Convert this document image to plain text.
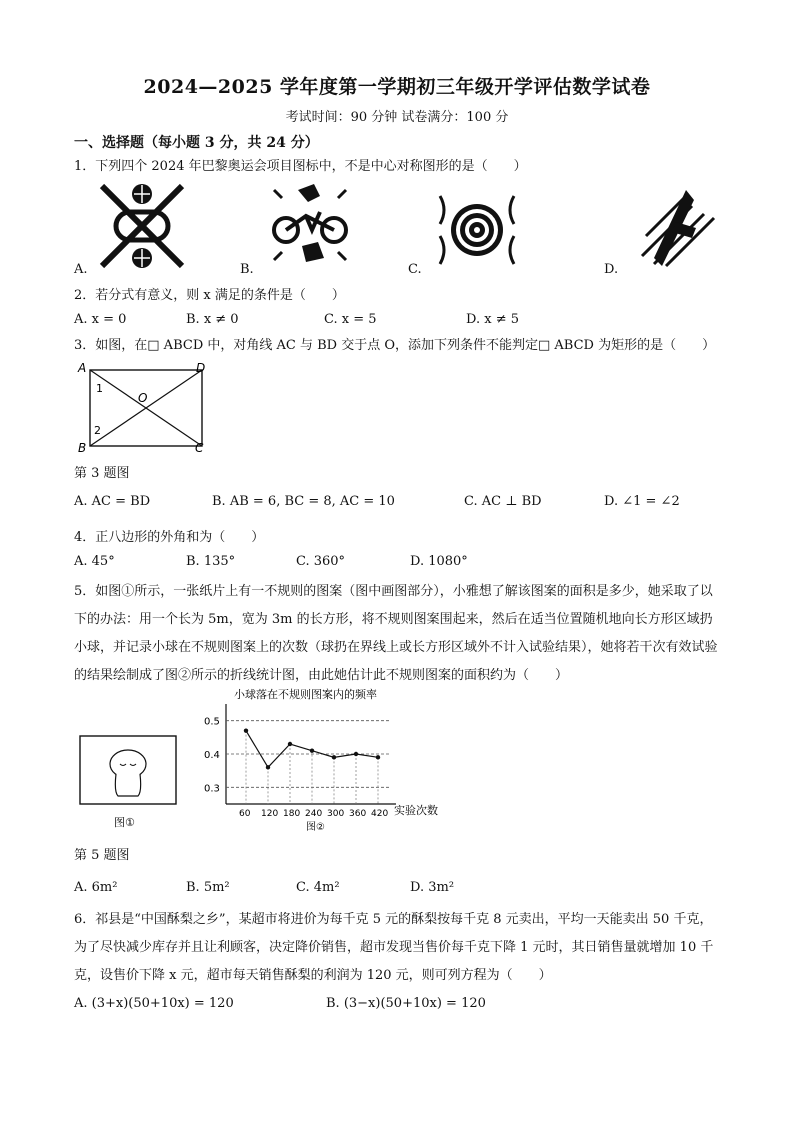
2024—2025 学年度第一学期初三年级开学评估数学试卷
考试时间：90 分钟 试卷满分：100 分
一、选择题（每小题 3 分，共 24 分）
1．下列四个 2024 年巴黎奥运会项目图标中，不是中心对称图形的是（　　）
A.	B.	C.	D.
2．若分式有意义，则 x 满足的条件是（　　）
A. x = 0	B. x ≠ 0	C. x = 5	D. x ≠ 5
3．如图，在□ ABCD 中，对角线 AC 与 BD 交于点 O，添加下列条件不能判定□ ABCD 为矩形的是（　　）
A
B	C
D
O
1
2
第 3 题图
A. AC = BD	B. AB = 6, BC = 8, AC = 10	C. AC ⊥ BD	D. ∠1 = ∠2
4．正八边形的外角和为（　　）
A. 45°	B. 135°	C. 360°	D. 1080°
5．如图①所示，一张纸片上有一不规则的图案（图中画图部分），小雅想了解该图案的面积是多少，她采取了以下的办法：用一个长为 5m，宽为 3m 的长方形，将不规则图案围起来，然后在适当位置随机地向长方形区域扔小球，并记录小球在不规则图案上的次数（球扔在界线上或长方形区域外不计入试验结果），她将若干次有效试验的结果绘制成了图②所示的折线统计图，由此她估计此不规则图案的面积约为（　　）
图①
小球落在不规则图案内的频率
实验次数
图②
0.3
0.4
0.5
60 120 180 240 300 360 420
第 5 题图
A. 6m²	B. 5m²	C. 4m²	D. 3m²
6．祁县是“中国酥梨之乡”，某超市将进价为每千克 5 元的酥梨按每千克 8 元卖出，平均一天能卖出 50 千克，为了尽快减少库存并且让利顾客，决定降价销售，超市发现当售价每千克下降 1 元时，其日销售量就增加 10 千克，设售价下降 x 元，超市每天销售酥梨的利润为 120 元，则可列方程为（　　）
A. (3+x)(50+10x) = 120	B. (3−x)(50+10x) = 120
